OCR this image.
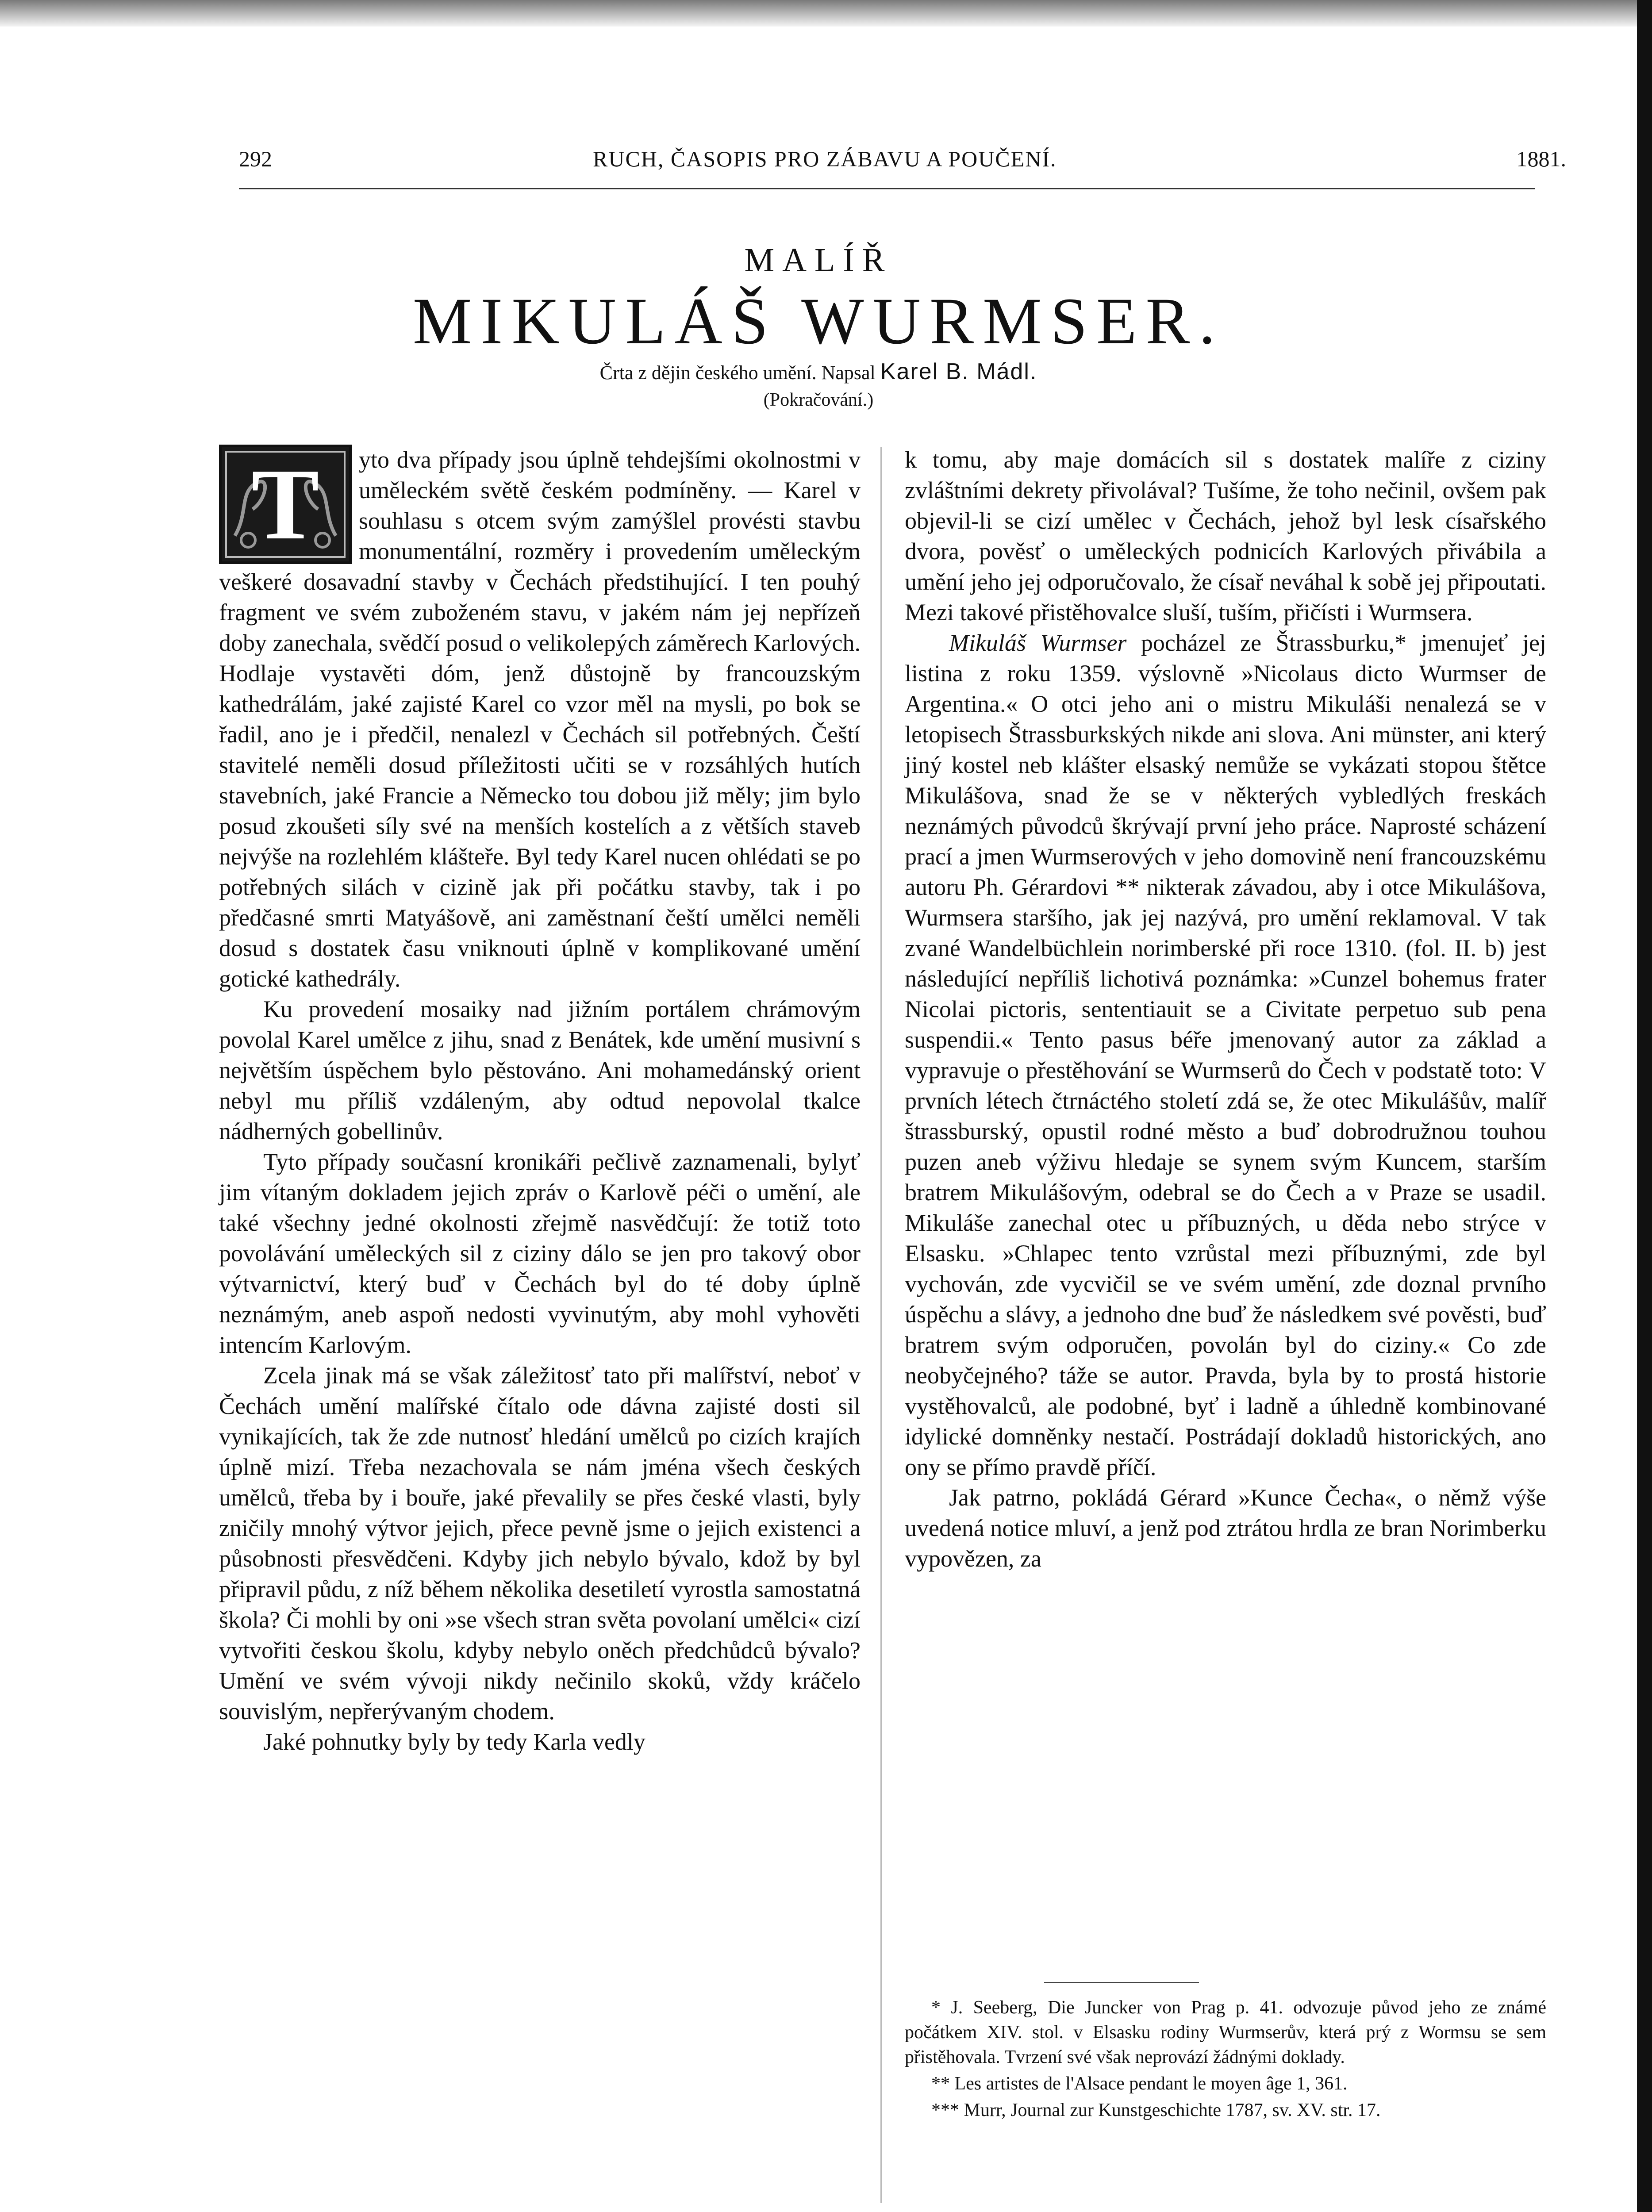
292	RUCH, ČASOPIS PRO ZÁBAVU A POUČENÍ.	1881.
MALÍŘ
MIKULÁŠ WURMSER.
Črta z dějin českého umění. Napsal Karel B. Mádl.
(Pokračování.)
T	yto dva případy jsou úplně tehdejšími okolnostmi v uměleckém světě českém podmíněny. — Karel v souhlasu s otcem svým zamýšlel provésti stavbu monumentální, rozměry i provedením uměleckým veškeré dosavadní stavby v Čechách předstihující. I ten pouhý fragment ve svém zuboženém stavu, v jakém nám jej nepřízeň doby zanechala, svědčí posud o velikolepých záměrech Karlových. Hodlaje vystavěti dóm, jenž důstojně by francouzským kathedrálám, jaké zajisté Karel co vzor měl na mysli, po bok se řadil, ano je i předčil, nenalezl v Čechách sil potřebných. Čeští stavitelé neměli dosud příležitosti učiti se v rozsáhlých hutích stavebních, jaké Francie a Německo tou dobou již měly; jim bylo posud zkoušeti síly své na menších kostelích a z větších staveb nejvýše na rozlehlém klášteře. Byl tedy Karel nucen ohlédati se po potřebných silách v cizině jak při počátku stavby, tak i po předčasné smrti Matyášově, ani zaměstnaní čeští umělci neměli dosud s dostatek času vniknouti úplně v komplikované umění gotické kathedrály.

Ku provedení mosaiky nad jižním portálem chrámovým povolal Karel umělce z jihu, snad z Benátek, kde umění musivní s největším úspěchem bylo pěstováno. Ani mohamedánský orient nebyl mu příliš vzdáleným, aby odtud nepovolal tkalce nádherných gobellinův.

Tyto případy současní kronikáři pečlivě zaznamenali, bylyť jim vítaným dokladem jejich zpráv o Karlově péči o umění, ale také všechny jedné okolnosti zřejmě nasvědčují: že totiž toto povolávání uměleckých sil z ciziny dálo se jen pro takový obor výtvarnictví, který buď v Čechách byl do té doby úplně neznámým, aneb aspoň nedosti vyvinutým, aby mohl vyhověti intencím Karlovým.

Zcela jinak má se však záležitosť tato při malířství, neboť v Čechách umění malířské čítalo ode dávna zajisté dosti sil vynikajících, tak že zde nutnosť hledání umělců po cizích krajích úplně mizí. Třeba nezachovala se nám jména všech českých umělců, třeba by i bouře, jaké převalily se přes české vlasti, byly zničily mnohý výtvor jejich, přece pevně jsme o jejich existenci a působnosti přesvědčeni. Kdyby jich nebylo bývalo, kdož by byl připravil půdu, z níž během několika desetiletí vyrostla samostatná škola? Či mohli by oni »se všech stran světa povolaní umělci« cizí vytvořiti českou školu, kdyby nebylo oněch předchůdců bývalo? Umění ve svém vývoji nikdy nečinilo skoků, vždy kráčelo souvislým, nepřerývaným chodem.

Jaké pohnutky byly by tedy Karla vedly

k tomu, aby maje domácích sil s dostatek malíře z ciziny zvláštními dekrety přivolával? Tušíme, že toho nečinil, ovšem pak objevil-li se cizí umělec v Čechách, jehož byl lesk císařského dvora, pověsť o uměleckých podnicích Karlových přivábila a umění jeho jej odporučovalo, že císař neváhal k sobě jej připoutati. Mezi takové přistěhovalce sluší, tuším, přičísti i Wurmsera.

Mikuláš Wurmser pocházel ze Štrassburku,* jmenujeť jej listina z roku 1359. výslovně »Nicolaus dicto Wurmser de Argentina.« O otci jeho ani o mistru Mikuláši nenalezá se v letopisech Štrassburkských nikde ani slova. Ani münster, ani který jiný kostel neb klášter elsaský nemůže se vykázati stopou štětce Mikulášova, snad že se v některých vybledlých freskách neznámých původců škrývají první jeho práce. Naprosté scházení prací a jmen Wurmserových v jeho domovině není francouzskému autoru Ph. Gérardovi ** nikterak závadou, aby i otce Mikulášova, Wurmsera staršího, jak jej nazývá, pro umění reklamoval. V tak zvané Wandelbüchlein norimberské při roce 1310. (fol. II. b) jest následující nepříliš lichotivá poznámka: »Cunzel bohemus frater Nicolai pictoris, sententiauit se a Civitate perpetuo sub pena suspendii.« Tento pasus béře jmenovaný autor za základ a vypravuje o přestěhování se Wurmserů do Čech v podstatě toto: V prvních létech čtrnáctého století zdá se, že otec Mikulášův, malíř štrassburský, opustil rodné město a buď dobrodružnou touhou puzen aneb výživu hledaje se synem svým Kuncem, starším bratrem Mikulášovým, odebral se do Čech a v Praze se usadil. Mikuláše zanechal otec u příbuzných, u děda nebo strýce v Elsasku. »Chlapec tento vzrůstal mezi příbuznými, zde byl vychován, zde vycvičil se ve svém umění, zde doznal prvního úspěchu a slávy, a jednoho dne buď že následkem své pověsti, buď bratrem svým odporučen, povolán byl do ciziny.« Co zde neobyčejného? táže se autor. Pravda, byla by to prostá historie vystěhovalců, ale podobné, byť i ladně a úhledně kombinované idylické domněnky nestačí. Postrádají dokladů historických, ano ony se přímo pravdě příčí.

Jak patrno, pokládá Gérard »Kunce Čecha«, o němž výše uvedená notice mluví, a jenž pod ztrátou hrdla ze bran Norimberku vypovězen, za

* J. Seeberg, Die Juncker von Prag p. 41. odvozuje původ jeho ze známé počátkem XIV. stol. v Elsasku rodiny Wurmserův, která prý z Wormsu se sem přistěhovala. Tvrzení své však neprovází žádnými doklady.

** Les artistes de l'Alsace pendant le moyen âge 1, 361.

*** Murr, Journal zur Kunstgeschichte 1787, sv. XV. str. 17.
